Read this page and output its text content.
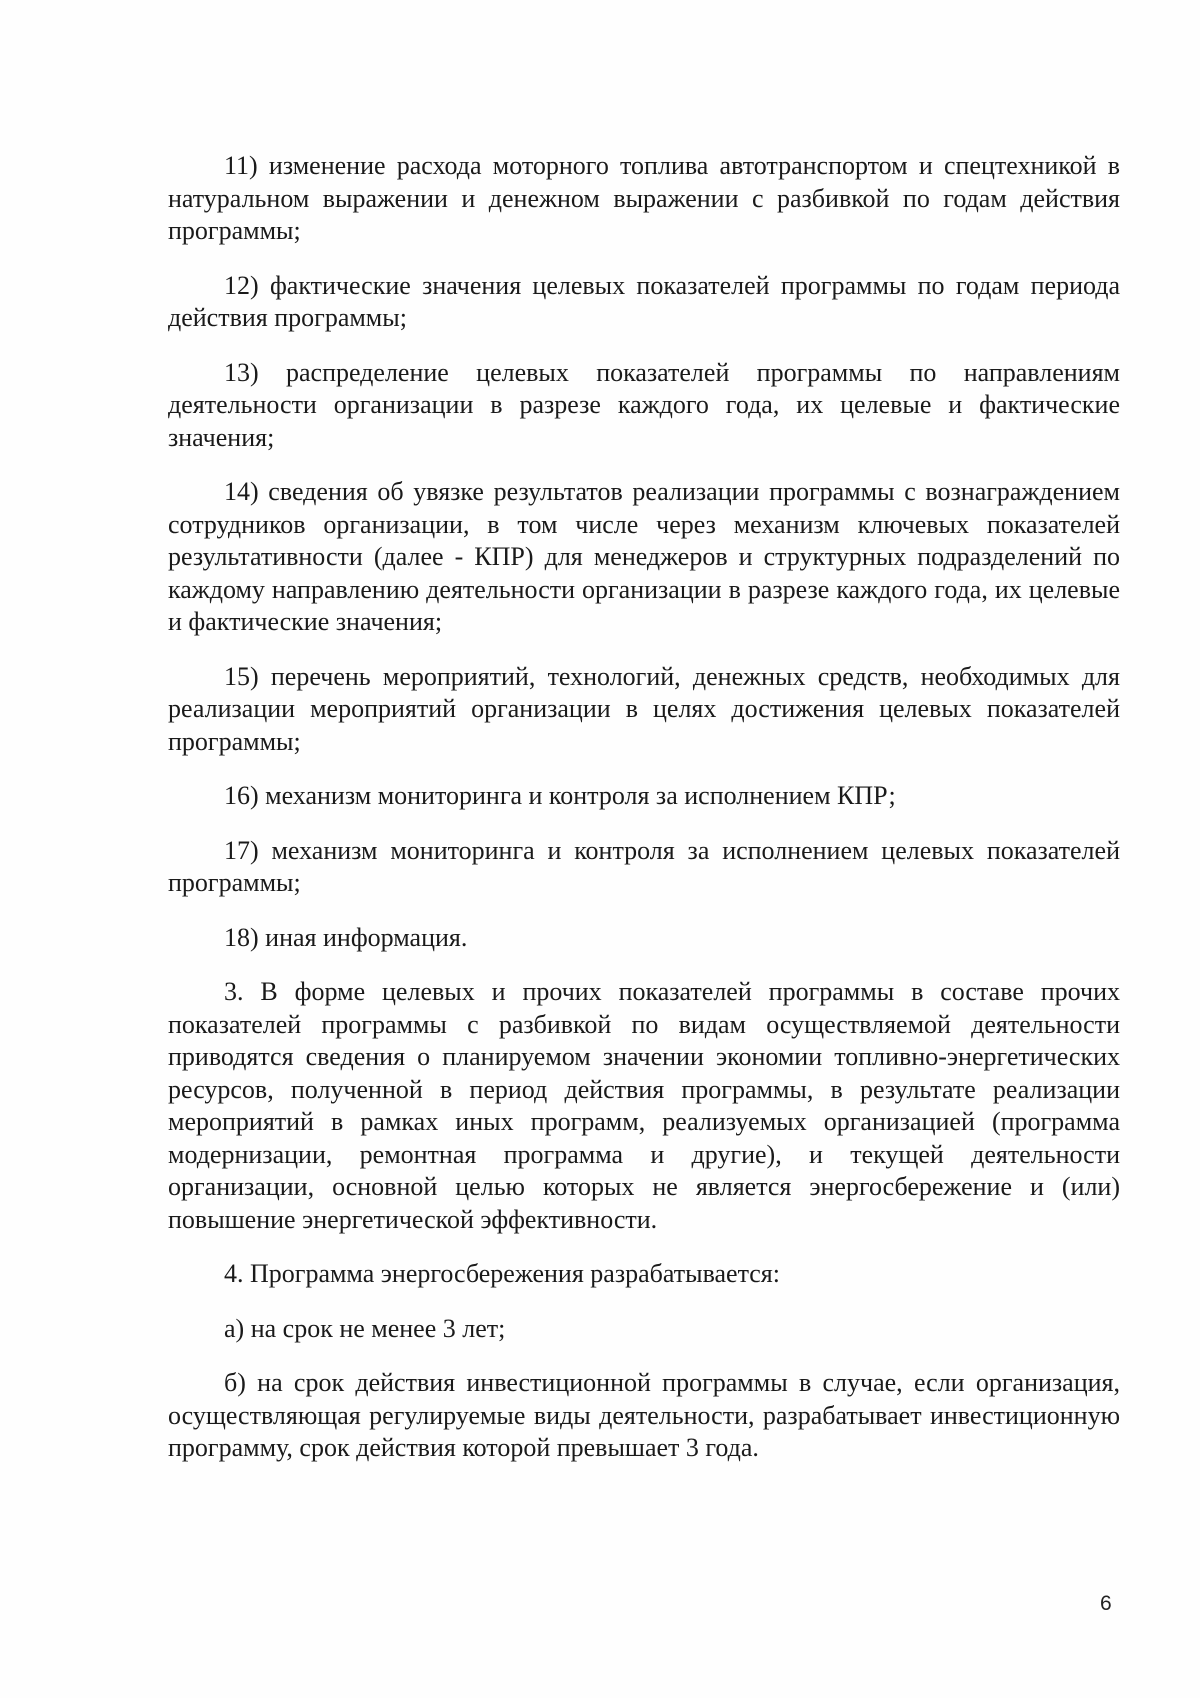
11) изменение расхода моторного топлива автотранспортом и спецтехникой в натуральном выражении и денежном выражении с разбивкой по годам действия программы;

12) фактические значения целевых показателей программы по годам периода действия программы;

13) распределение целевых показателей программы по направлениям деятельности организации в разрезе каждого года, их целевые и фактические значения;

14) сведения об увязке результатов реализации программы с вознаграждением сотрудников организации, в том числе через механизм ключевых показателей результативности (далее - КПР) для менеджеров и структурных подразделений по каждому направлению деятельности организации в разрезе каждого года, их целевые и фактические значения;

15) перечень мероприятий, технологий, денежных средств, необходимых для реализации мероприятий организации в целях достижения целевых показателей программы;

16) механизм мониторинга и контроля за исполнением КПР;

17) механизм мониторинга и контроля за исполнением целевых показателей программы;

18) иная информация.

3. В форме целевых и прочих показателей программы в составе прочих показателей программы с разбивкой по видам осуществляемой деятельности приводятся сведения о планируемом значении экономии топливно-энергетических ресурсов, полученной в период действия программы, в результате реализации мероприятий в рамках иных программ, реализуемых организацией (программа модернизации, ремонтная программа и другие), и текущей деятельности организации, основной целью которых не является энергосбережение и (или) повышение энергетической эффективности.

4. Программа энергосбережения разрабатывается:

а) на срок не менее 3 лет;

б) на срок действия инвестиционной программы в случае, если организация, осуществляющая регулируемые виды деятельности, разрабатывает инвестиционную программу, срок действия которой превышает 3 года.

6
